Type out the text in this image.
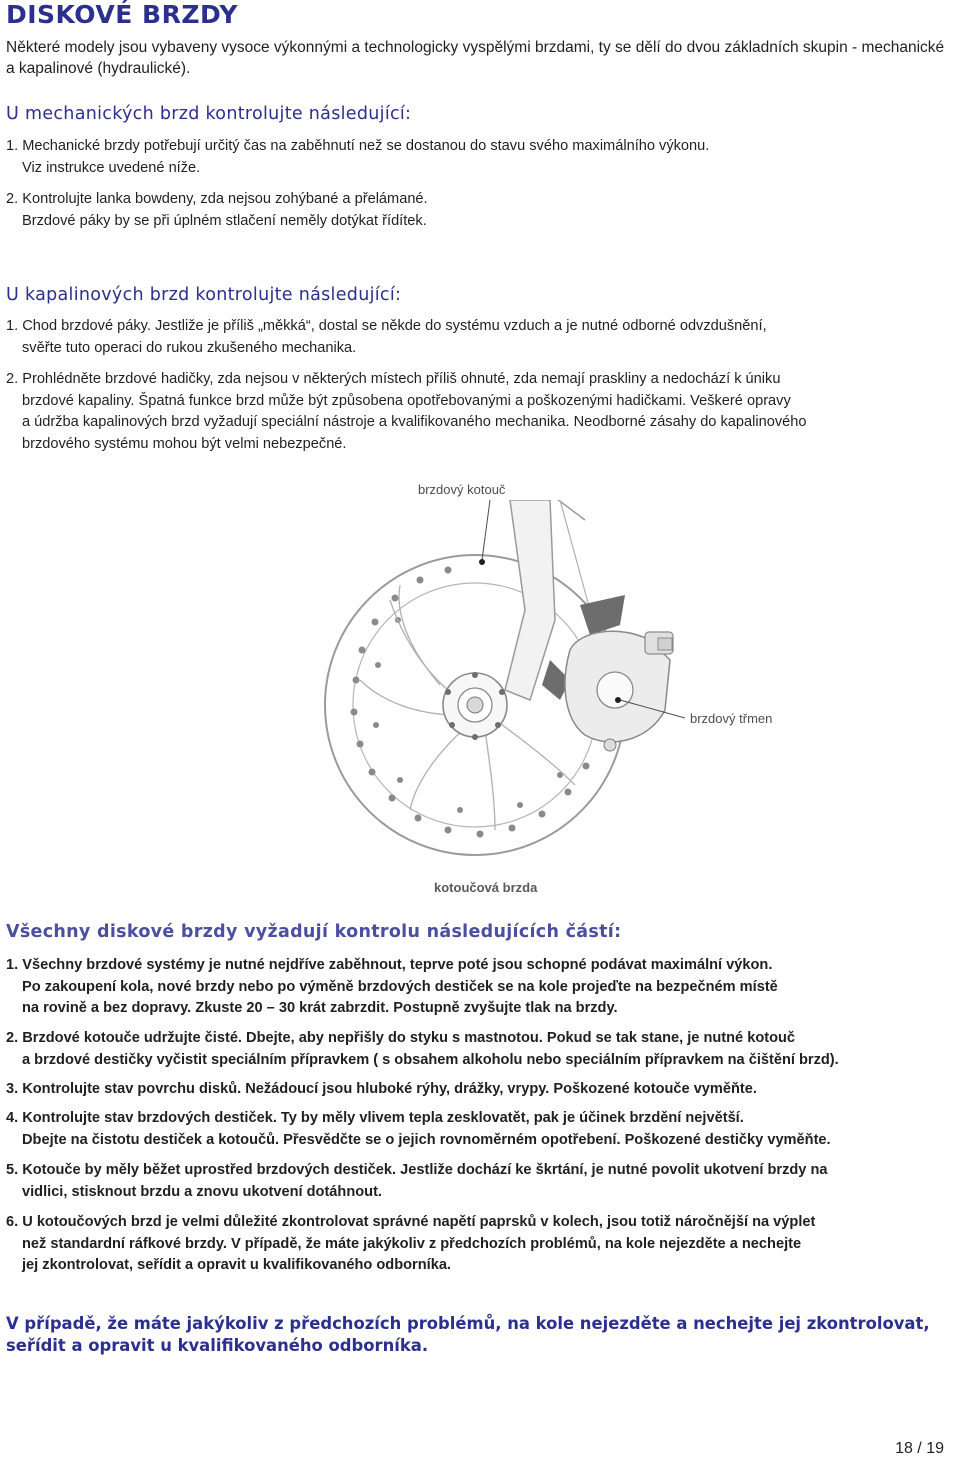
DISKOVÉ BRZDY
Některé modely jsou vybaveny vysoce výkonnými a technologicky vyspělými brzdami, ty se dělí do dvou základních skupin - mechanické a kapalinové (hydraulické).
U mechanických brzd kontrolujte následující:
1. Mechanické brzdy potřebují určitý čas na zaběhnutí než se dostanou do stavu svého maximálního výkonu.
Viz instrukce uvedené níže.
2. Kontrolujte lanka bowdeny, zda nejsou zohýbané a přelámané.
Brzdové páky by se při úplném stlačení neměly dotýkat řídítek.
U kapalinových brzd kontrolujte následující:
1. Chod brzdové páky. Jestliže je příliš „měkká“, dostal se někde do systému vzduch a je nutné odborné odvzdušnění,
svěřte tuto operaci do rukou zkušeného mechanika.
2. Prohlédněte brzdové hadičky, zda nejsou v některých místech příliš ohnuté, zda nemají praskliny a nedochází k úniku
brzdové kapaliny. Špatná funkce brzd může být způsobena opotřebovanými a poškozenými hadičkami. Veškeré opravy
a údržba kapalinových brzd vyžadují speciální nástroje a kvalifikovaného mechanika. Neodborné zásahy do kapalinového
brzdového systému mohou být velmi nebezpečné.
brzdový kotouč
brzdový třmen
kotoučová brzda
Všechny diskové brzdy vyžadují kontrolu následujících částí:
1. Všechny brzdové systémy je nutné nejdříve zaběhnout, teprve poté jsou schopné podávat maximální výkon.
Po zakoupení kola, nové brzdy nebo po výměně brzdových destiček se na kole projeďte na bezpečném místě
na rovině a bez dopravy. Zkuste 20 – 30 krát zabrzdit. Postupně zvyšujte tlak na brzdy.
2. Brzdové kotouče udržujte čisté. Dbejte, aby nepřišly do styku s mastnotou. Pokud se tak stane, je nutné kotouč
a brzdové destičky vyčistit speciálním přípravkem ( s obsahem alkoholu nebo speciálním přípravkem na čištění brzd).
3. Kontrolujte stav povrchu disků. Nežádoucí jsou hluboké rýhy, drážky, vrypy. Poškozené kotouče vyměňte.
4. Kontrolujte stav brzdových destiček. Ty by měly vlivem tepla zesklovatět, pak je účinek brzdění největší.
Dbejte na čistotu destiček a kotoučů. Přesvědčte se o jejich rovnoměrném opotřebení. Poškozené destičky vyměňte.
5. Kotouče by měly běžet uprostřed brzdových destiček. Jestliže dochází ke škrtání, je nutné povolit ukotvení brzdy na
vidlici, stisknout brzdu a znovu ukotvení dotáhnout.
6. U kotoučových brzd je velmi důležité zkontrolovat správné napětí paprsků v kolech, jsou totiž náročnější na výplet
než standardní ráfkové brzdy. V případě, že máte jakýkoliv z předchozích problémů, na kole nejezděte a nechejte
jej zkontrolovat, seřídit a opravit u kvalifikovaného odborníka.
V případě, že máte jakýkoliv z předchozích problémů, na kole nejezděte a nechejte jej zkontrolovat,
seřídit a opravit u kvalifikovaného odborníka.
18 / 19
